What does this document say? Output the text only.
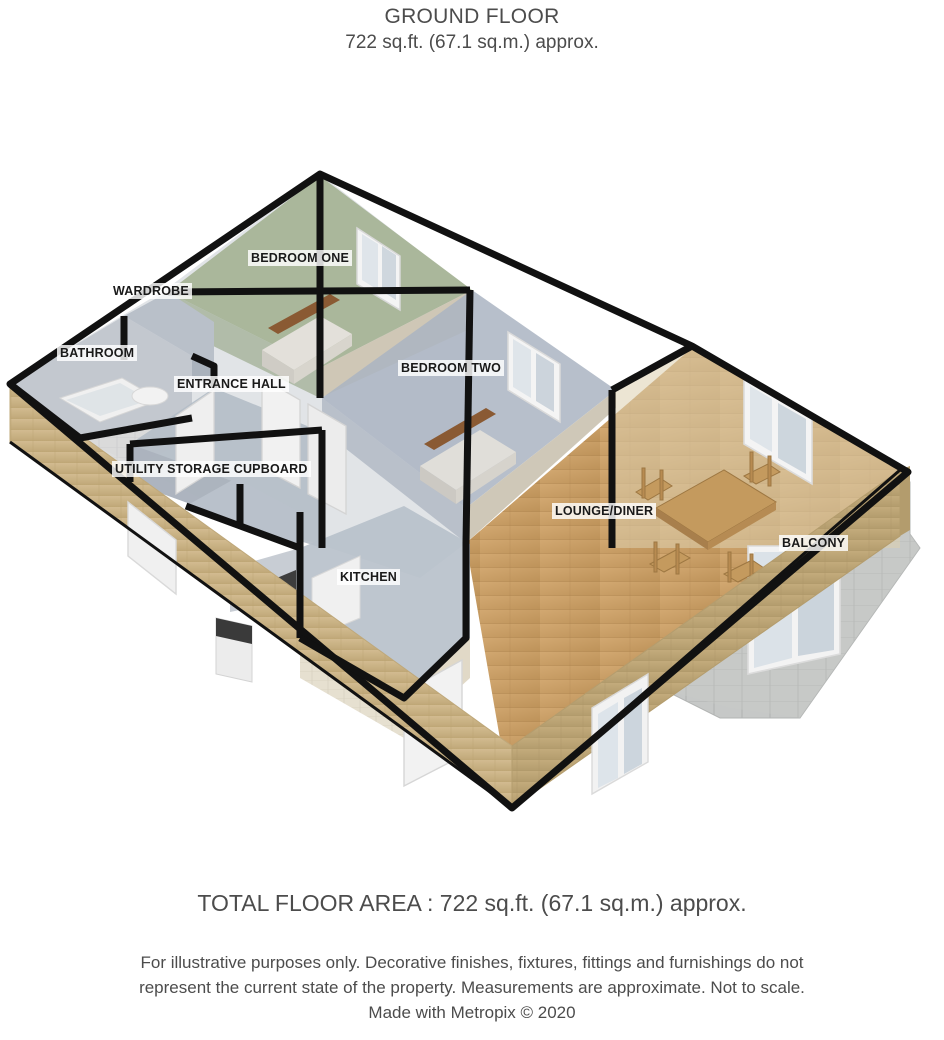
GROUND FLOOR
722 sq.ft. (67.1 sq.m.) approx.
BEDROOM ONE
WARDROBE
BATHROOM
ENTRANCE HALL
BEDROOM TWO
UTILITY STORAGE CUPBOARD
KITCHEN
LOUNGE/DINER
BALCONY
TOTAL FLOOR AREA : 722 sq.ft. (67.1 sq.m.) approx.
For illustrative purposes only. Decorative finishes, fixtures, fittings and furnishings do not
represent the current state of the property. Measurements are approximate. Not to scale.
Made with Metropix © 2020
